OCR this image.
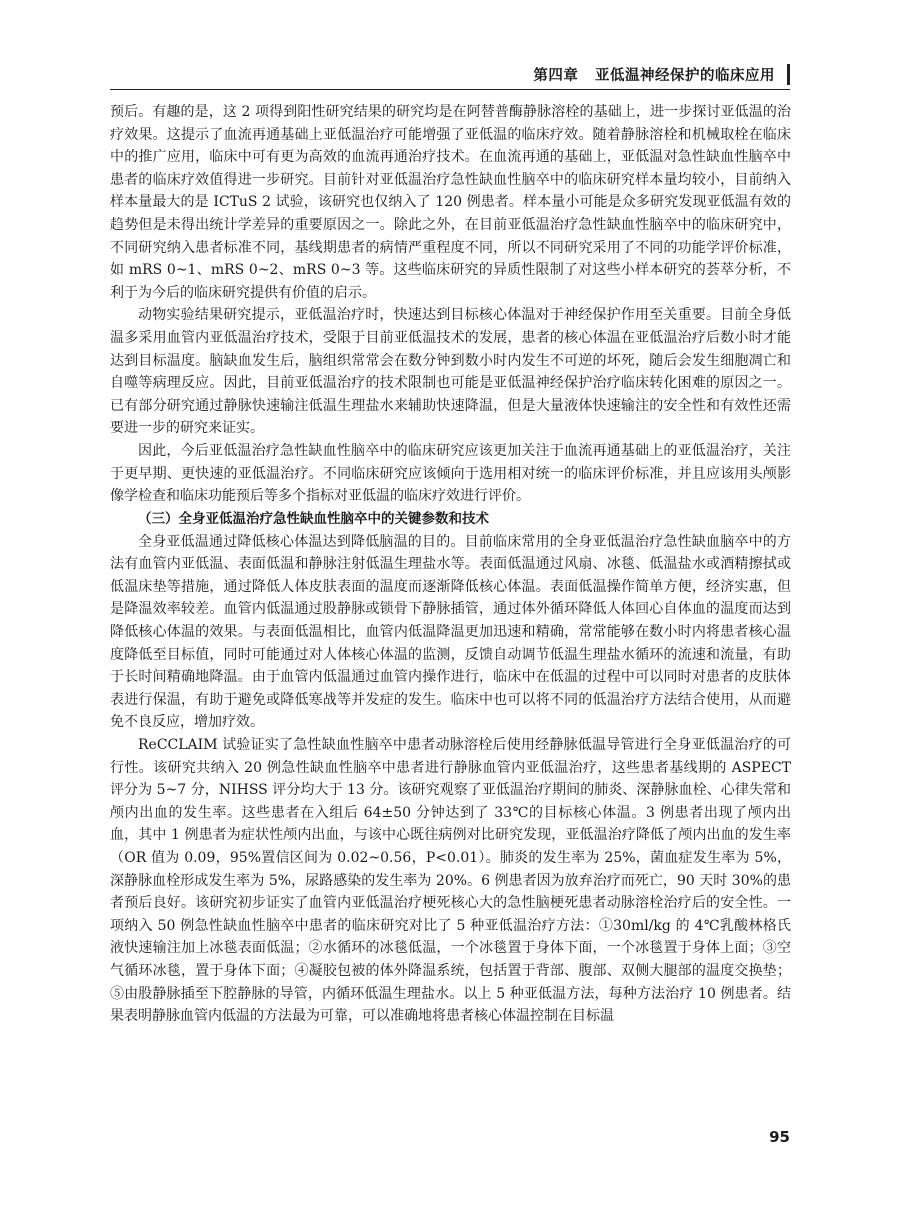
第四章 亚低温神经保护的临床应用

预后。有趣的是，这 2 项得到阳性研究结果的研究均是在阿替普酶静脉溶栓的基础上，进一步探讨亚低温的治疗效果。这提示了血流再通基础上亚低温治疗可能增强了亚低温的临床疗效。随着静脉溶栓和机械取栓在临床中的推广应用，临床中可有更为高效的血流再通治疗技术。在血流再通的基础上，亚低温对急性缺血性脑卒中患者的临床疗效值得进一步研究。目前针对亚低温治疗急性缺血性脑卒中的临床研究样本量均较小，目前纳入样本量最大的是 ICTuS 2 试验，该研究也仅纳入了 120 例患者。样本量小可能是众多研究发现亚低温有效的趋势但是未得出统计学差异的重要原因之一。除此之外，在目前亚低温治疗急性缺血性脑卒中的临床研究中，不同研究纳入患者标准不同，基线期患者的病情严重程度不同，所以不同研究采用了不同的功能学评价标准，如 mRS 0~1、mRS 0~2、mRS 0~3 等。这些临床研究的异质性限制了对这些小样本研究的荟萃分析，不利于为今后的临床研究提供有价值的启示。

动物实验结果研究提示，亚低温治疗时，快速达到目标核心体温对于神经保护作用至关重要。目前全身低温多采用血管内亚低温治疗技术，受限于目前亚低温技术的发展，患者的核心体温在亚低温治疗后数小时才能达到目标温度。脑缺血发生后，脑组织常常会在数分钟到数小时内发生不可逆的坏死，随后会发生细胞凋亡和自噬等病理反应。因此，目前亚低温治疗的技术限制也可能是亚低温神经保护治疗临床转化困难的原因之一。已有部分研究通过静脉快速输注低温生理盐水来辅助快速降温，但是大量液体快速输注的安全性和有效性还需要进一步的研究来证实。

因此，今后亚低温治疗急性缺血性脑卒中的临床研究应该更加关注于血流再通基础上的亚低温治疗，关注于更早期、更快速的亚低温治疗。不同临床研究应该倾向于选用相对统一的临床评价标准，并且应该用头颅影像学检查和临床功能预后等多个指标对亚低温的临床疗效进行评价。

（三）全身亚低温治疗急性缺血性脑卒中的关键参数和技术

全身亚低温通过降低核心体温达到降低脑温的目的。目前临床常用的全身亚低温治疗急性缺血脑卒中的方法有血管内亚低温、表面低温和静脉注射低温生理盐水等。表面低温通过风扇、冰毯、低温盐水或酒精擦拭或低温床垫等措施，通过降低人体皮肤表面的温度而逐渐降低核心体温。表面低温操作简单方便，经济实惠，但是降温效率较差。血管内低温通过股静脉或锁骨下静脉插管，通过体外循环降低人体回心自体血的温度而达到降低核心体温的效果。与表面低温相比，血管内低温降温更加迅速和精确，常常能够在数小时内将患者核心温度降低至目标值，同时可能通过对人体核心体温的监测，反馈自动调节低温生理盐水循环的流速和流量，有助于长时间精确地降温。由于血管内低温通过血管内操作进行，临床中在低温的过程中可以同时对患者的皮肤体表进行保温，有助于避免或降低寒战等并发症的发生。临床中也可以将不同的低温治疗方法结合使用，从而避免不良反应，增加疗效。

ReCCLAIM 试验证实了急性缺血性脑卒中患者动脉溶栓后使用经静脉低温导管进行全身亚低温治疗的可行性。该研究共纳入 20 例急性缺血性脑卒中患者进行静脉血管内亚低温治疗，这些患者基线期的 ASPECT 评分为 5~7 分，NIHSS 评分均大于 13 分。该研究观察了亚低温治疗期间的肺炎、深静脉血栓、心律失常和颅内出血的发生率。这些患者在入组后 64±50 分钟达到了 33℃的目标核心体温。3 例患者出现了颅内出血，其中 1 例患者为症状性颅内出血，与该中心既往病例对比研究发现，亚低温治疗降低了颅内出血的发生率（OR 值为 0.09，95%置信区间为 0.02~0.56，P<0.01）。肺炎的发生率为 25%，菌血症发生率为 5%，深静脉血栓形成发生率为 5%，尿路感染的发生率为 20%。6 例患者因为放弃治疗而死亡，90 天时 30%的患者预后良好。该研究初步证实了血管内亚低温治疗梗死核心大的急性脑梗死患者动脉溶栓治疗后的安全性。一项纳入 50 例急性缺血性脑卒中患者的临床研究对比了 5 种亚低温治疗方法：①30ml/kg 的 4℃乳酸林格氏液快速输注加上冰毯表面低温；②水循环的冰毯低温，一个冰毯置于身体下面，一个冰毯置于身体上面；③空气循环冰毯，置于身体下面；④凝胶包被的体外降温系统，包括置于背部、腹部、双侧大腿部的温度交换垫；⑤由股静脉插至下腔静脉的导管，内循环低温生理盐水。以上 5 种亚低温方法，每种方法治疗 10 例患者。结果表明静脉血管内低温的方法最为可靠，可以准确地将患者核心体温控制在目标温

95
